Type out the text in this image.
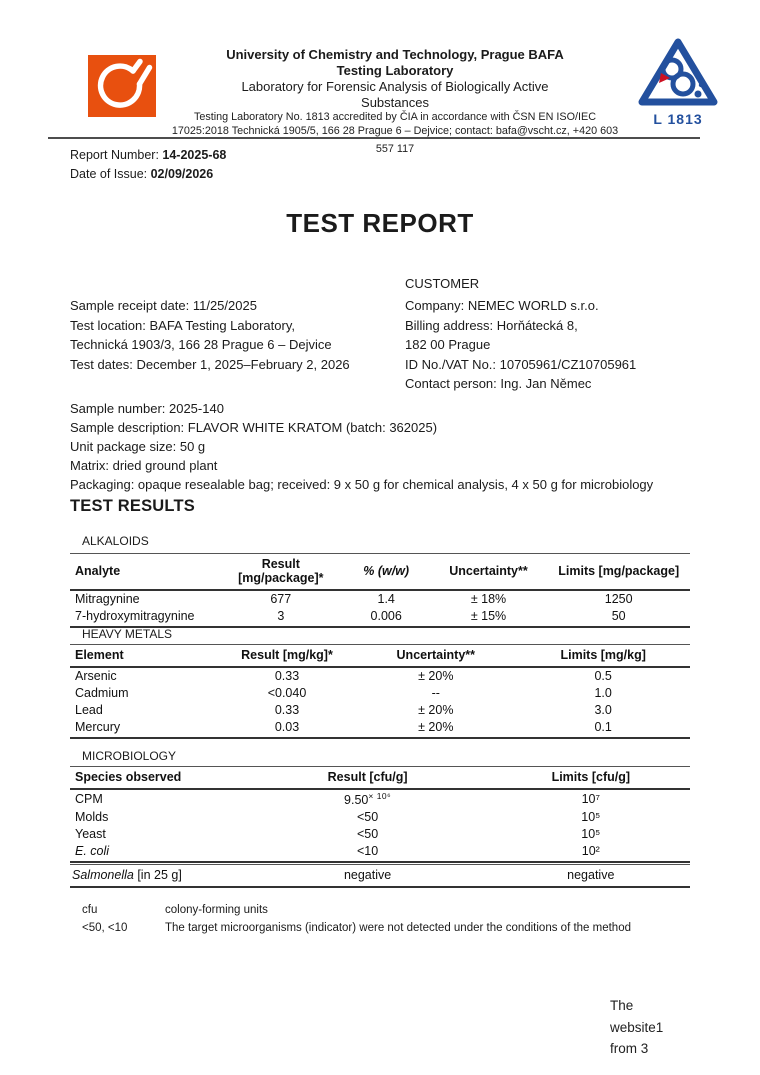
University of Chemistry and Technology, Prague BAFA
Testing Laboratory
Laboratory for Forensic Analysis of Biologically Active
Substances
Testing Laboratory No. 1813 accredited by ČIA in accordance with ČSN EN ISO/IEC
17025:2018 Technická 1905/5, 166 28 Prague 6 – Dejvice; contact: bafa@vscht.cz, +420 603
557 117
L 1813
Report Number: 14-2025-68
Date of Issue: 02/09/2026
TEST REPORT
Sample receipt date: 11/25/2025
Test location: BAFA Testing Laboratory,
Technická 1903/3, 166 28 Prague 6 – Dejvice
Test dates: December 1, 2025–February 2, 2026
CUSTOMER
Company: NEMEC WORLD s.r.o.
Billing address: Horňátecká 8,
182 00 Prague
ID No./VAT No.: 10705961/CZ10705961
Contact person: Ing. Jan Němec
Sample number: 2025-140
Sample description: FLAVOR WHITE KRATOM (batch: 362025)
Unit package size: 50 g
Matrix: dried ground plant
Packaging: opaque resealable bag; received: 9 x 50 g for chemical analysis, 4 x 50 g for microbiology
TEST RESULTS
ALKALOIDS
Analyte	Result [mg/package]*	% (w/w)	Uncertainty**	Limits [mg/package]
Mitragynine	677	1.4	± 18%	1250
7-hydroxymitragynine	3	0.006	± 15%	50
HEAVY METALS
Element	Result [mg/kg]*	Uncertainty**	Limits [mg/kg]
Arsenic	0.33	± 20%	0.5
Cadmium	<0.040	--	1.0
Lead	0.33	± 20%	3.0
Mercury	0.03	± 20%	0.1
MICROBIOLOGY
Species observed	Result [cfu/g]	Limits [cfu/g]
CPM	$9.50^{\times 10^6}$	10⁷
Molds	<50	10⁵
Yeast	<50	10⁵
E. coli	<10	10²
Salmonella [in 25 g]	negative	negative
cfu	colony-forming units
<50, <10	The target microorganisms (indicator) were not detected under the conditions of the method
The
website1
from 3
